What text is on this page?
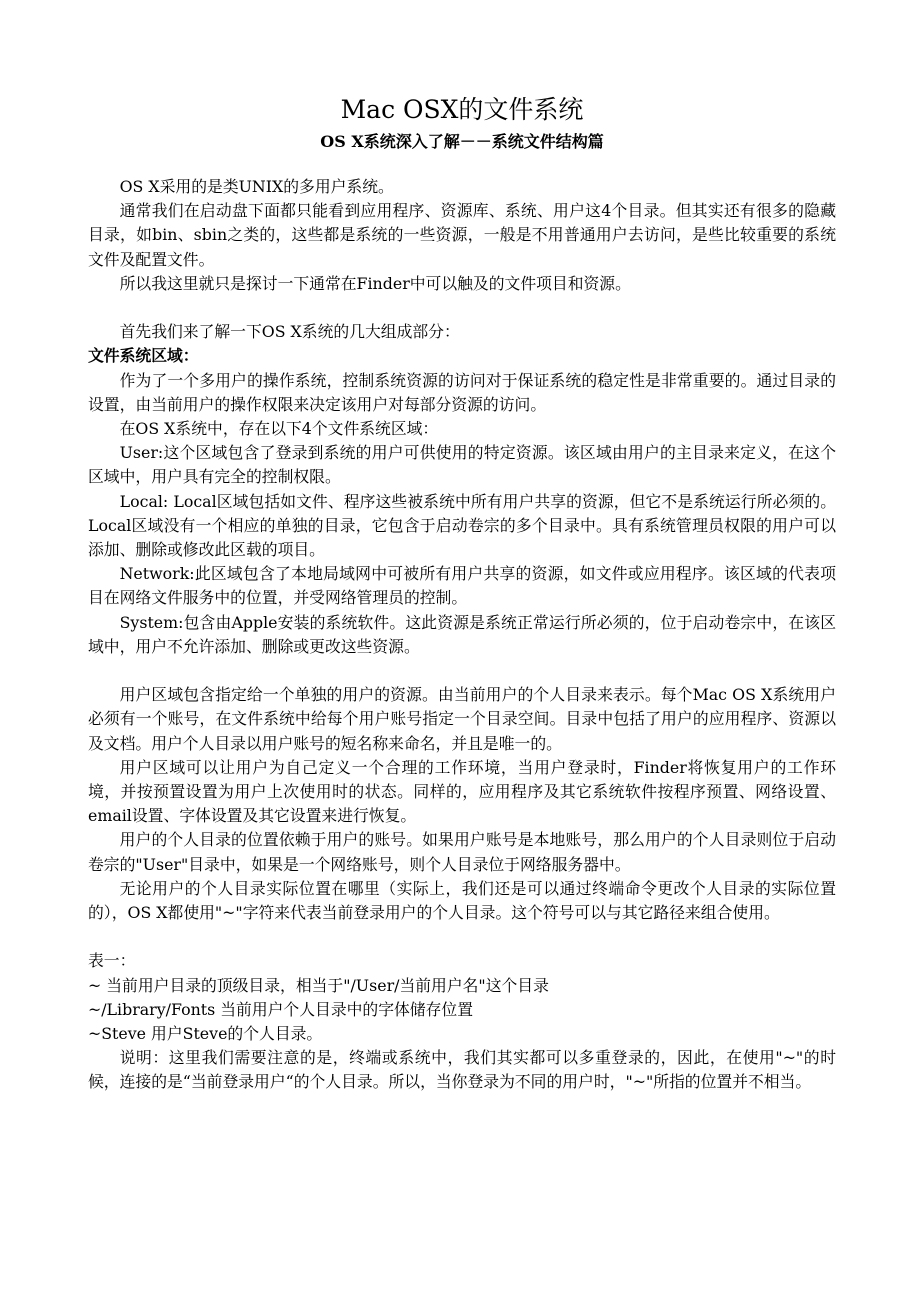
Mac OSX的文件系统
OS X系统深入了解－－系统文件结构篇

OS X采用的是类UNIX的多用户系统。

通常我们在启动盘下面都只能看到应用程序、资源库、系统、用户这4个目录。但其实还有很多的隐藏目录，如bin、sbin之类的，这些都是系统的一些资源，一般是不用普通用户去访问，是些比较重要的系统文件及配置文件。

所以我这里就只是探讨一下通常在Finder中可以触及的文件项目和资源。

首先我们来了解一下OS X系统的几大组成部分：

文件系统区域：

作为了一个多用户的操作系统，控制系统资源的访问对于保证系统的稳定性是非常重要的。通过目录的设置，由当前用户的操作权限来决定该用户对每部分资源的访问。

在OS X系统中，存在以下4个文件系统区域：

User:这个区域包含了登录到系统的用户可供使用的特定资源。该区域由用户的主目录来定义，在这个区域中，用户具有完全的控制权限。

Local: Local区域包括如文件、程序这些被系统中所有用户共享的资源，但它不是系统运行所必须的。Local区域没有一个相应的单独的目录，它包含于启动卷宗的多个目录中。具有系统管理员权限的用户可以添加、删除或修改此区载的项目。

Network:此区域包含了本地局域网中可被所有用户共享的资源，如文件或应用程序。该区域的代表项目在网络文件服务中的位置，并受网络管理员的控制。

System:包含由Apple安装的系统软件。这此资源是系统正常运行所必须的，位于启动卷宗中，在该区域中，用户不允许添加、删除或更改这些资源。

用户区域包含指定给一个单独的用户的资源。由当前用户的个人目录来表示。每个Mac OS X系统用户必须有一个账号，在文件系统中给每个用户账号指定一个目录空间。目录中包括了用户的应用程序、资源以及文档。用户个人目录以用户账号的短名称来命名，并且是唯一的。

用户区域可以让用户为自己定义一个合理的工作环境，当用户登录时，Finder将恢复用户的工作环境，并按预置设置为用户上次使用时的状态。同样的，应用程序及其它系统软件按程序预置、网络设置、email设置、字体设置及其它设置来进行恢复。

用户的个人目录的位置依赖于用户的账号。如果用户账号是本地账号，那么用户的个人目录则位于启动卷宗的"User"目录中，如果是一个网络账号，则个人目录位于网络服务器中。

无论用户的个人目录实际位置在哪里（实际上，我们还是可以通过终端命令更改个人目录的实际位置的），OS X都使用"~"字符来代表当前登录用户的个人目录。这个符号可以与其它路径来组合使用。

表一：

~ 当前用户目录的顶级目录，相当于"/User/当前用户名"这个目录

~/Library/Fonts 当前用户个人目录中的字体储存位置

~Steve 用户Steve的个人目录。

说明：这里我们需要注意的是，终端或系统中，我们其实都可以多重登录的，因此，在使用"~"的时候，连接的是“当前登录用户“的个人目录。所以，当你登录为不同的用户时，"~"所指的位置并不相当。
